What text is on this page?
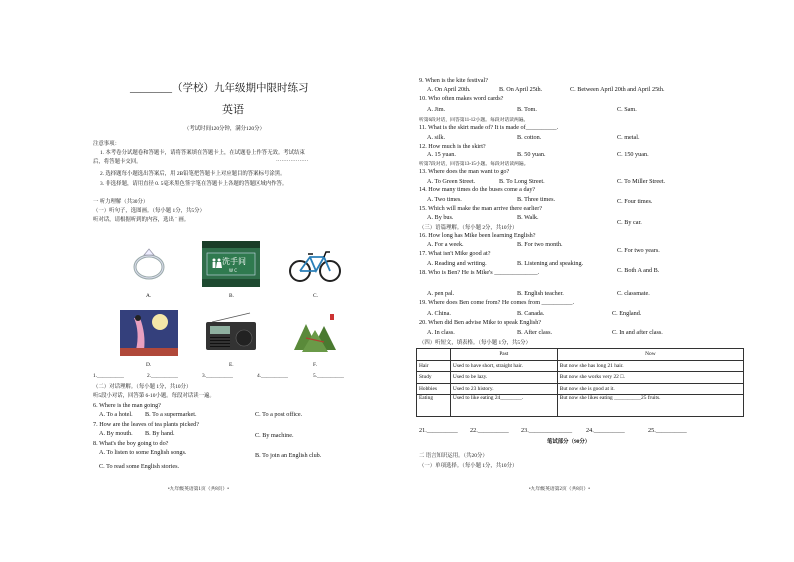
________（学校）九年级期中限时练习
英语
（考试时间120分钟，满分120分）
注意事项：
1. 本考卷分试题卷和答题卡，请将答案填在答题卡上，在试题卷上作答无效。考试结束
后，将答题卡交回。	………………
2. 选择题每小题选出答案后，用 2B铅笔把答题卡上对应题目的答案标号涂黑。
3. 非选择题，请用直径 0. 5毫米黑色签字笔在答题卡上各题的答题区域内作答。
一 听力理解（共30分）
（一）听句子，选图画。（每小题 1分，共5分）
听对话，请根据听到的内容，选出 ¨ 画。
洗手间
W C
A.	B.	C.
D.	E.	F.
1.__________	2.__________	3.__________	4.__________	5.__________
（二）对话理解。（每小题 1分，共10分）
听5段小对话，回答第 6-10小题。每段对话读一遍。
6. Where is the man going?
A. To a hotel. B. To a supermarket.	C. To a post office.
7. How are the leaves of tea plants picked?
A. By mouth. B. By hand.	C. By machine.
8. What's the boy going to do?
A. To listen to some English songs.	B. To join an English club.
C. To read some English stories.
•九年级英语第1页（共8页）•
9. When is the kite festival?
A. On April 20th.	B. On April 25th.	C. Between April 20th and April 25th.
10. Who often makes word cards?
A. Jim.	B. Tom.	C. Sam.
听第6段对话，回答第11-12小题。每段对话读两遍。
11. What is the skirt made of? It is made of__________.
A. silk.	B. cotton.	C. metal.
12. How much is the skirt?
A. 15 yuan.	B. 50 yuan.	C. 150 yuan.
听第7段对话，回答第13-15小题。每段对话读两遍。
13. Where does the man want to go?
A. To Green Street.	B. To Long Street.	C. To Miller Street.
14. How many times do the buses come a day?
A. Two times.	B. Three times.	C. Four times.
15. Which will make the man arrive there earlier?
A. By bus.	B. Walk.
C. By car.
（三）语篇理解。（每小题 2分，共10分）
16. How long has Mike been learning English?
A. For a week.	B. For two month.
C. For two years.
17. What isn't Mike good at?
A. Reading and writing.	B. Listening and speaking.
C. Both A and B.
18. Who is Ben? He is Mike's ______________.
A. pen pal.	B. English teacher.	C. classmate.
19. Where does Ben come from? He comes from __________.
A. China.	B. Canada.	C. England.
20. When did Ben advise Mike to speak English?
A. In class.	B. After class.	C. In and after class.
（四）听短文，填表格。（每小题 1分，共5分）
	Past	Now
Hair	Used to have short, straight hair.	But now she has long 21 hair.
Study	Used to be lazy.	But now she works very 22 □.
Hobbies	Used to 23 history.	But now she is good at it.
Eating	Used to like eating 24________.	But now she likes eating __________25 fruits.
21.__________ 22.__________ 23.______________ 24.__________	25.__________
笔试部分（90分）
二 语言知识运用。（共20分）
（一）单项选择。（每小题 1分，共10分）
•九年级英语第2页（共8页）•
